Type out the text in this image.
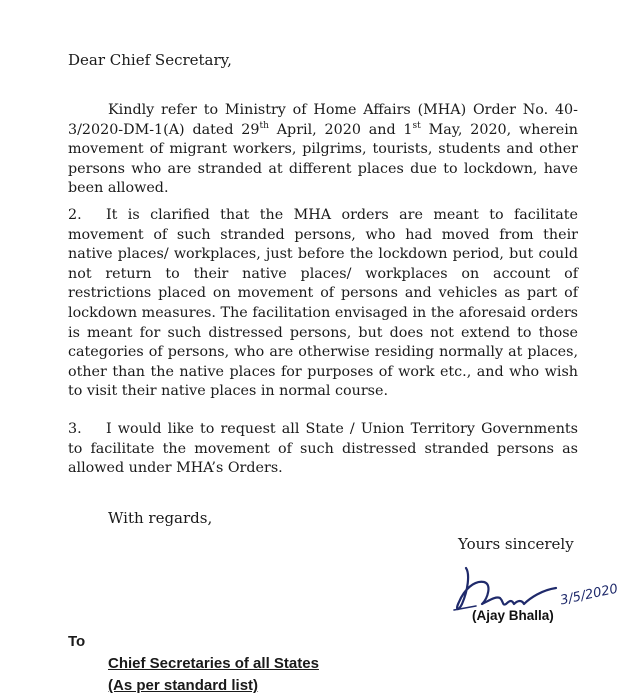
Dear Chief Secretary,

Kindly refer to Ministry of Home Affairs (MHA) Order No. 40-3/2020-DM-1(A) dated 29th April, 2020 and 1st May, 2020, wherein movement of migrant workers, pilgrims, tourists, students and other persons who are stranded at different places due to lockdown, have been allowed.

2. It is clarified that the MHA orders are meant to facilitate movement of such stranded persons, who had moved from their native places/ workplaces, just before the lockdown period, but could not return to their native places/ workplaces on account of restrictions placed on movement of persons and vehicles as part of lockdown measures. The facilitation envisaged in the aforesaid orders is meant for such distressed persons, but does not extend to those categories of persons, who are otherwise residing normally at places, other than the native places for purposes of work etc., and who wish to visit their native places in normal course.

3. I would like to request all State / Union Territory Governments to facilitate the movement of such distressed stranded persons as allowed under MHA’s Orders.

With regards,

Yours sincerely

3/5/2020

(Ajay Bhalla)

To

Chief Secretaries of all States

(As per standard list)
